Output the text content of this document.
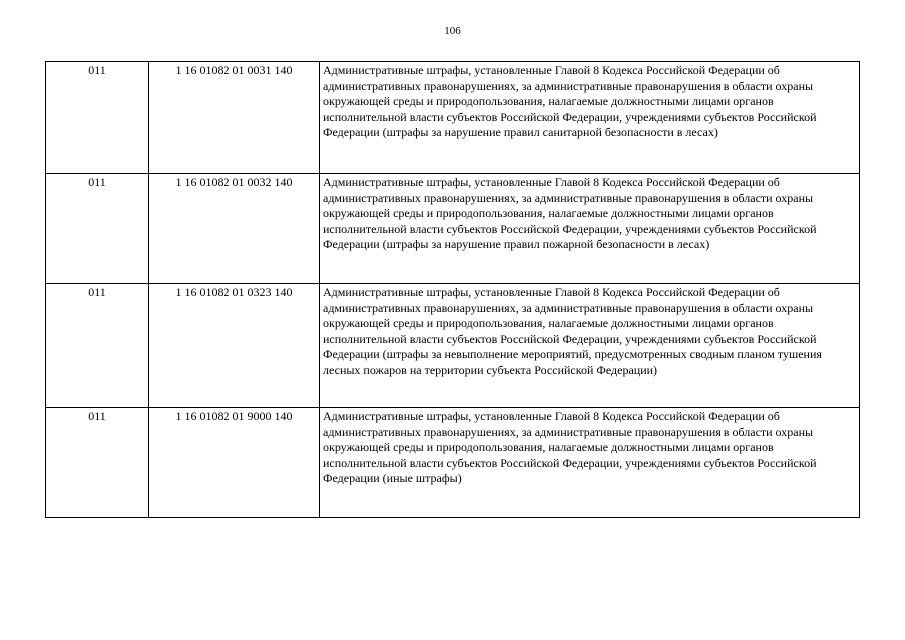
106
011	1 16 01082 01 0031 140	Административные штрафы, установленные Главой 8 Кодекса Российской Федерации об административных правонарушениях, за административные правонарушения в области охраны окружающей среды и природопользования, налагаемые должностными лицами органов исполнительной власти субъектов Российской Федерации, учреждениями субъектов Российской Федерации (штрафы за нарушение правил санитарной безопасности в лесах)
011	1 16 01082 01 0032 140	Административные штрафы, установленные Главой 8 Кодекса Российской Федерации об административных правонарушениях, за административные правонарушения в области охраны окружающей среды и природопользования, налагаемые должностными лицами органов исполнительной власти субъектов Российской Федерации, учреждениями субъектов Российской Федерации (штрафы за нарушение правил пожарной безопасности в лесах)
011	1 16 01082 01 0323 140	Административные штрафы, установленные Главой 8 Кодекса Российской Федерации об административных правонарушениях, за административные правонарушения в области охраны окружающей среды и природопользования, налагаемые должностными лицами органов исполнительной власти субъектов Российской Федерации, учреждениями субъектов Российской Федерации (штрафы за невыполнение мероприятий, предусмотренных сводным планом тушения лесных пожаров на территории субъекта Российской Федерации)
011	1 16 01082 01 9000 140	Административные штрафы, установленные Главой 8 Кодекса Российской Федерации об административных правонарушениях, за административные правонарушения в области охраны окружающей среды и природопользования, налагаемые должностными лицами органов исполнительной власти субъектов Российской Федерации, учреждениями субъектов Российской Федерации (иные штрафы)
